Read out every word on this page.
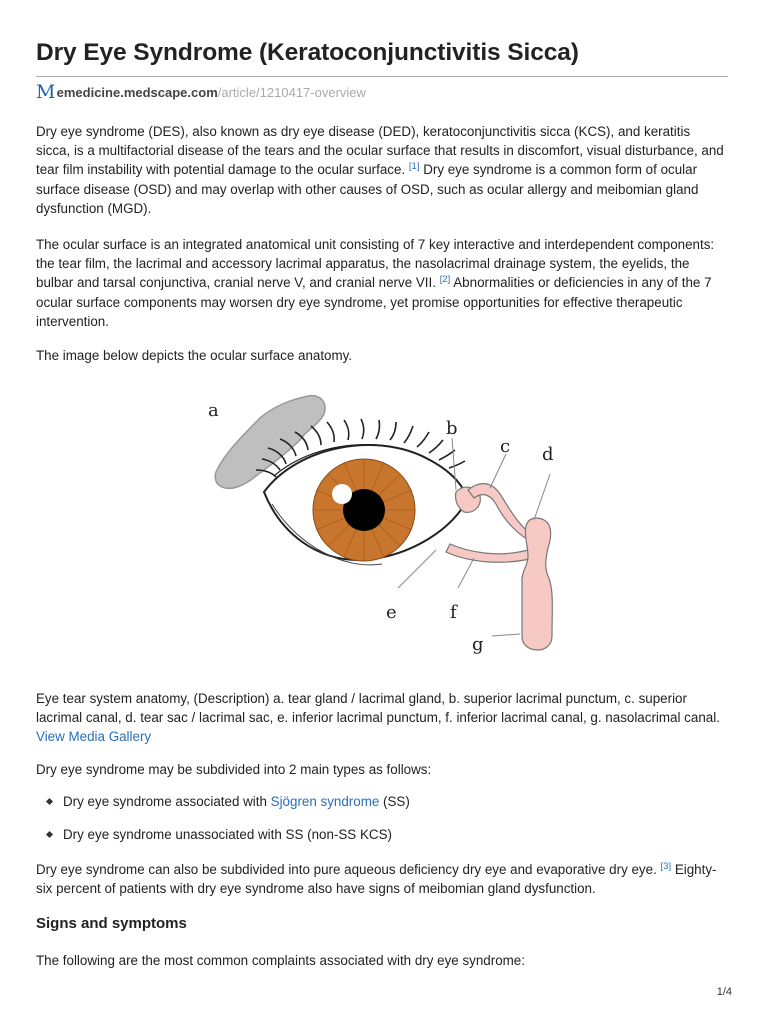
Dry Eye Syndrome (Keratoconjunctivitis Sicca)
M emedicine.medscape.com/article/1210417-overview

Dry eye syndrome (DES), also known as dry eye disease (DED), keratoconjunctivitis sicca (KCS), and keratitis sicca, is a multifactorial disease of the tears and the ocular surface that results in discomfort, visual disturbance, and tear film instability with potential damage to the ocular surface. [1] Dry eye syndrome is a common form of ocular surface disease (OSD) and may overlap with other causes of OSD, such as ocular allergy and meibomian gland dysfunction (MGD).

The ocular surface is an integrated anatomical unit consisting of 7 key interactive and interdependent components: the tear film, the lacrimal and accessory lacrimal apparatus, the nasolacrimal drainage system, the eyelids, the bulbar and tarsal conjunctiva, cranial nerve V, and cranial nerve VII. [2] Abnormalities or deficiencies in any of the 7 ocular surface components may worsen dry eye syndrome, yet promise opportunities for effective therapeutic intervention.

The image below depicts the ocular surface anatomy.

a
b
c d
e	f
g

Eye tear system anatomy, (Description) a. tear gland / lacrimal gland, b. superior lacrimal punctum, c. superior lacrimal canal, d. tear sac / lacrimal sac, e. inferior lacrimal punctum, f. inferior lacrimal canal, g. nasolacrimal canal.
View Media Gallery

Dry eye syndrome may be subdivided into 2 main types as follows:

Dry eye syndrome associated with Sjögren syndrome (SS)
Dry eye syndrome unassociated with SS (non-SS KCS)

Dry eye syndrome can also be subdivided into pure aqueous deficiency dry eye and evaporative dry eye. [3] Eighty-six percent of patients with dry eye syndrome also have signs of meibomian gland dysfunction.

Signs and symptoms

The following are the most common complaints associated with dry eye syndrome:

1/4
